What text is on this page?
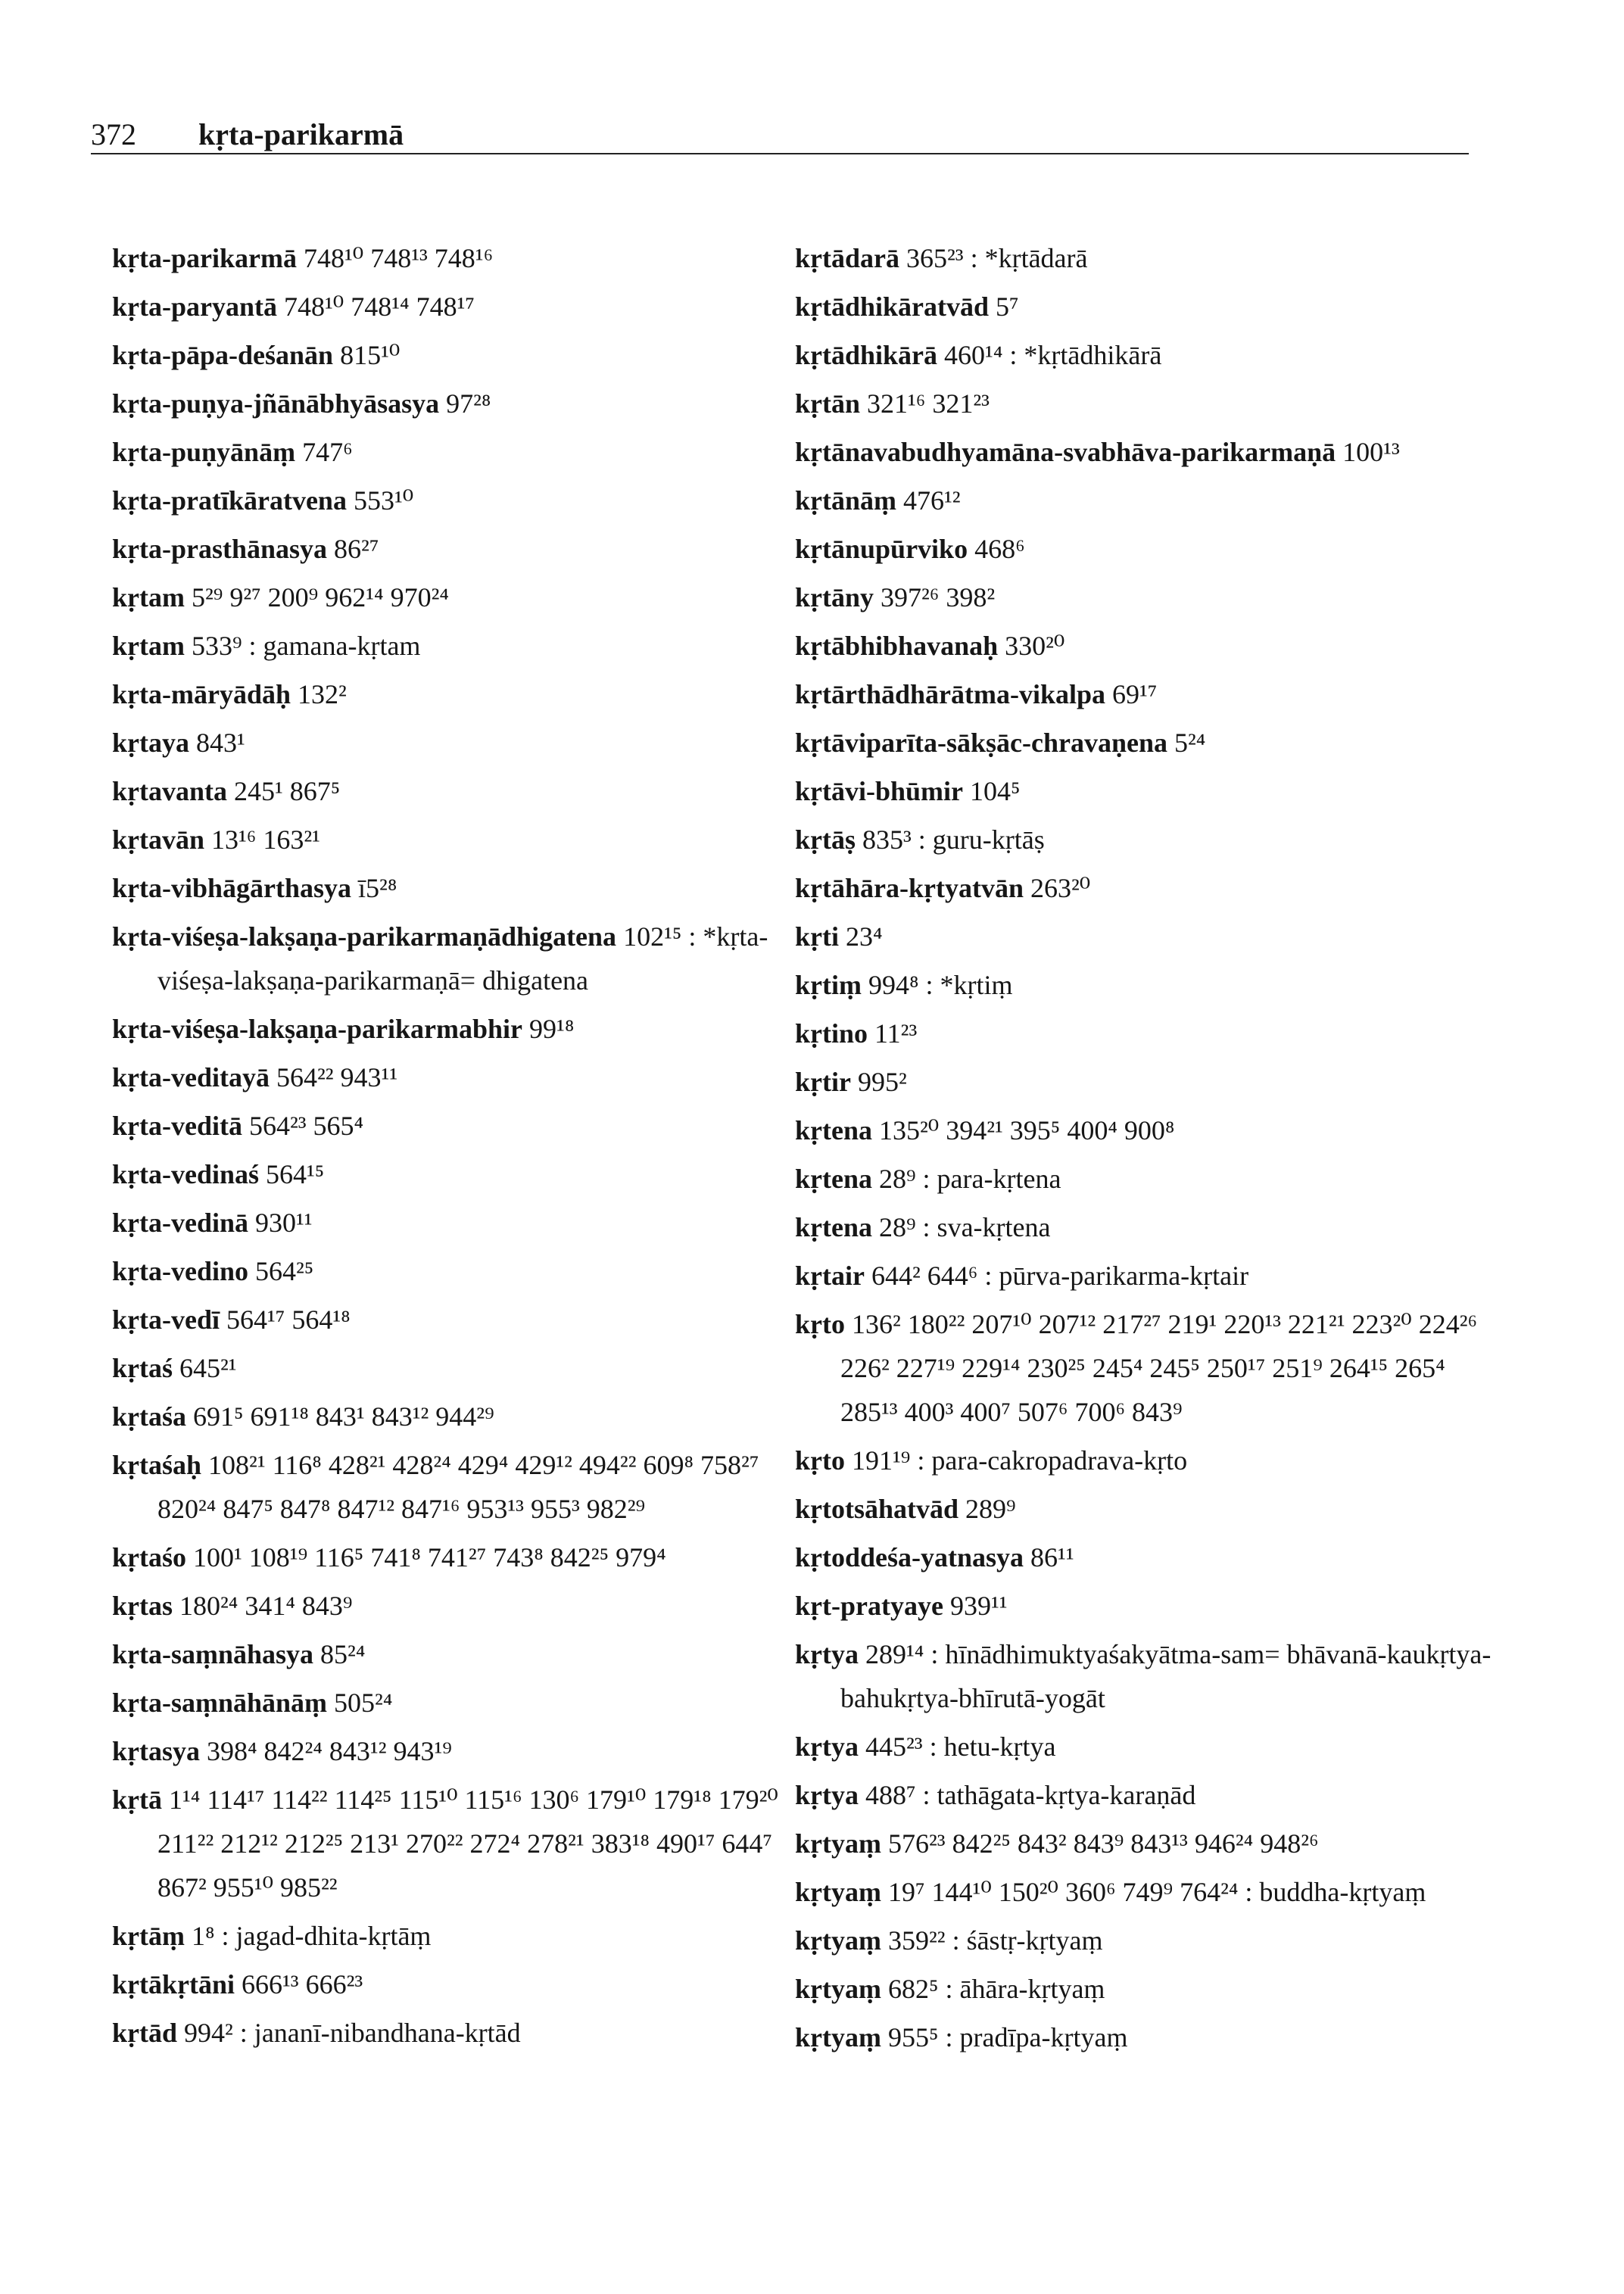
372 kṛta-parikarmā
kṛta-parikarmā 748¹⁰ 748¹³ 748¹⁶
kṛta-paryantā 748¹⁰ 748¹⁴ 748¹⁷
kṛta-pāpa-deśanān 815¹⁰
kṛta-puṇya-jñānābhyāsasya 97²⁸
kṛta-puṇyānāṃ 747⁶
kṛta-pratīkāratvena 553¹⁰
kṛta-prasthānasya 86²⁷
kṛtam 5²⁹ 9²⁷ 200⁹ 962¹⁴ 970²⁴
kṛtam 533⁹ : gamana-kṛtam
kṛta-māryādāḥ 132²
kṛtaya 843¹
kṛtavanta 245¹ 867⁵
kṛtavān 13¹⁶ 163²¹
kṛta-vibhāgārthasya ī5²⁸
kṛta-viśeṣa-lakṣaṇa-parikarmaṇādhigatena 102¹⁵ : *kṛta-viśeṣa-lakṣaṇa-parikarmaṇā= dhigatena
kṛta-viśeṣa-lakṣaṇa-parikarmabhir 99¹⁸
kṛta-veditayā 564²² 943¹¹
kṛta-veditā 564²³ 565⁴
kṛta-vedinaś 564¹⁵
kṛta-vedinā 930¹¹
kṛta-vedino 564²⁵
kṛta-vedī 564¹⁷ 564¹⁸
kṛtaś 645²¹
kṛtaśa 691⁵ 691¹⁸ 843¹ 843¹² 944²⁹
kṛtaśaḥ 108²¹ 116⁸ 428²¹ 428²⁴ 429⁴ 429¹² 494²² 609⁸ 758²⁷ 820²⁴ 847⁵ 847⁸ 847¹² 847¹⁶ 953¹³ 955³ 982²⁹
kṛtaśo 100¹ 108¹⁹ 116⁵ 741⁸ 741²⁷ 743⁸ 842²⁵ 979⁴
kṛtas 180²⁴ 341⁴ 843⁹
kṛta-saṃnāhasya 85²⁴
kṛta-saṃnāhānāṃ 505²⁴
kṛtasya 398⁴ 842²⁴ 843¹² 943¹⁹
kṛtā 1¹⁴ 114¹⁷ 114²² 114²⁵ 115¹⁰ 115¹⁶ 130⁶ 179¹⁰ 179¹⁸ 179²⁰ 211²² 212¹² 212²⁵ 213¹ 270²² 272⁴ 278²¹ 383¹⁸ 490¹⁷ 644⁷ 867² 955¹⁰ 985²²
kṛtāṃ 1⁸ : jagad-dhita-kṛtāṃ
kṛtākṛtāni 666¹³ 666²³
kṛtād 994² : jananī-nibandhana-kṛtād
kṛtādarā 365²³ : *kṛtādarā
kṛtādhikāratvād 5⁷
kṛtādhikārā 460¹⁴ : *kṛtādhikārā
kṛtān 321¹⁶ 321²³
kṛtānavabudhyamāna-svabhāva-parikarmaṇā 100¹³
kṛtānāṃ 476¹²
kṛtānupūrviko 468⁶
kṛtāny 397²⁶ 398²
kṛtābhibhavanaḥ 330²⁰
kṛtārthādhārātma-vikalpa 69¹⁷
kṛtāviparīta-sākṣāc-chravaṇena 5²⁴
kṛtāvi-bhūmir 104⁵
kṛtāṣ 835³ : guru-kṛtāṣ
kṛtāhāra-kṛtyatvān 263²⁰
kṛti 23⁴
kṛtiṃ 994⁸ : *kṛtiṃ
kṛtino 11²³
kṛtir 995²
kṛtena 135²⁰ 394²¹ 395⁵ 400⁴ 900⁸
kṛtena 28⁹ : para-kṛtena
kṛtena 28⁹ : sva-kṛtena
kṛtair 644² 644⁶ : pūrva-parikarma-kṛtair
kṛto 136² 180²² 207¹⁰ 207¹² 217²⁷ 219¹ 220¹³ 221²¹ 223²⁰ 224²⁶ 226² 227¹⁹ 229¹⁴ 230²⁵ 245⁴ 245⁵ 250¹⁷ 251⁹ 264¹⁵ 265⁴ 285¹³ 400³ 400⁷ 507⁶ 700⁶ 843⁹
kṛto 191¹⁹ : para-cakropadrava-kṛto
kṛtotsāhatvād 289⁹
kṛtoddeśa-yatnasya 86¹¹
kṛt-pratyaye 939¹¹
kṛtya 289¹⁴ : hīnādhimuktyaśakyātma-sam= bhāvanā-kaukṛtya-bahukṛtya-bhīrutā-yogāt
kṛtya 445²³ : hetu-kṛtya
kṛtya 488⁷ : tathāgata-kṛtya-karaṇād
kṛtyaṃ 576²³ 842²⁵ 843² 843⁹ 843¹³ 946²⁴ 948²⁶
kṛtyaṃ 19⁷ 144¹⁰ 150²⁰ 360⁶ 749⁹ 764²⁴ : buddha-kṛtyaṃ
kṛtyaṃ 359²² : śāstṛ-kṛtyaṃ
kṛtyaṃ 682⁵ : āhāra-kṛtyaṃ
kṛtyaṃ 955⁵ : pradīpa-kṛtyaṃ
